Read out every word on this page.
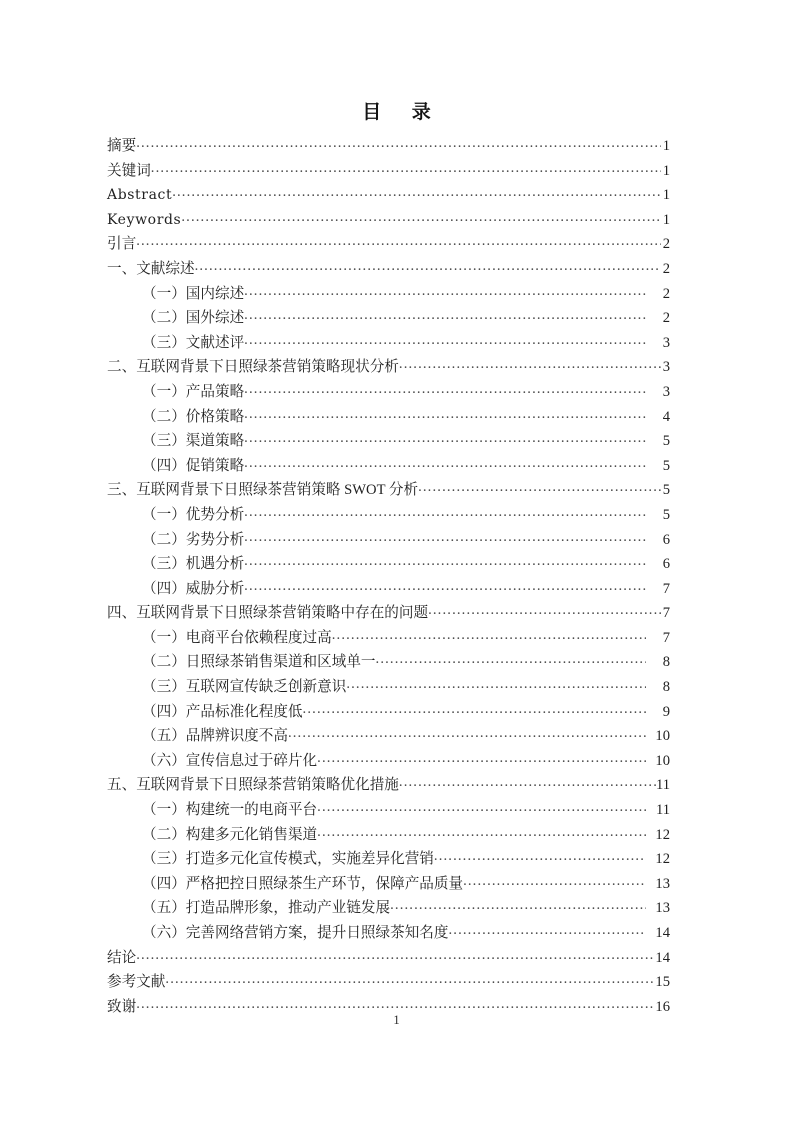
目 录
摘要 .....	1
关键词 .....	1
Abstract .....	1
Keywords .....	1
引言 .....	2
一、文献综述 .....	2
（一）国内综述 .....	2
（二）国外综述 .....	2
（三）文献述评 .....	3
二、互联网背景下日照绿茶营销策略现状分析 .....	3
（一）产品策略 .....	3
（二）价格策略 .....	4
（三）渠道策略 .....	5
（四）促销策略 .....	5
三、互联网背景下日照绿茶营销策略 SWOT 分析 .....	5
（一）优势分析 .....	5
（二）劣势分析 .....	6
（三）机遇分析 .....	6
（四）威胁分析 .....	7
四、互联网背景下日照绿茶营销策略中存在的问题 .....	7
（一）电商平台依赖程度过高 .....	7
（二）日照绿茶销售渠道和区域单一 .....	8
（三）互联网宣传缺乏创新意识 .....	8
（四）产品标准化程度低 .....	9
（五）品牌辨识度不高 .....	10
（六）宣传信息过于碎片化 .....	10
五、互联网背景下日照绿茶营销策略优化措施 .....	11
（一）构建统一的电商平台 .....	11
（二）构建多元化销售渠道 .....	12
（三）打造多元化宣传模式，实施差异化营销 .....	12
（四）严格把控日照绿茶生产环节，保障产品质量 .....	13
（五）打造品牌形象，推动产业链发展 .....	13
（六）完善网络营销方案，提升日照绿茶知名度 .....	14
结论 .....	14
参考文献 .....	15
致谢 .....	16
1
